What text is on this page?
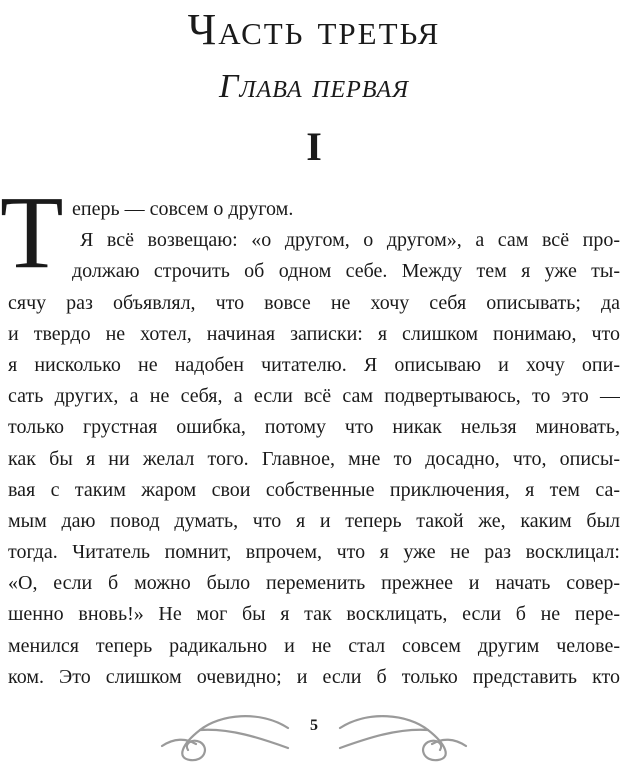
Часть третья
Глава первая
I
Т еперь — совсем о другом.
Я всё возвещаю: «о другом, о другом», а сам всё про-
должаю строчить об одном себе. Между тем я уже ты-
сячу раз объявлял, что вовсе не хочу себя описывать; да
и твердо не хотел, начиная записки: я слишком понимаю, что
я нисколько не надобен читателю. Я описываю и хочу опи-
сать других, а не себя, а если всё сам подвертываюсь, то это —
только грустная ошибка, потому что никак нельзя миновать,
как бы я ни желал того. Главное, мне то досадно, что, описы-
вая с таким жаром свои собственные приключения, я тем са-
мым даю повод думать, что я и теперь такой же, каким был
тогда. Читатель помнит, впрочем, что я уже не раз восклицал:
«О, если б можно было переменить прежнее и начать совер-
шенно вновь!» Не мог бы я так восклицать, если б не пере-
менился теперь радикально и не стал совсем другим челове-
ком. Это слишком очевидно; и если б только представить кто
5
